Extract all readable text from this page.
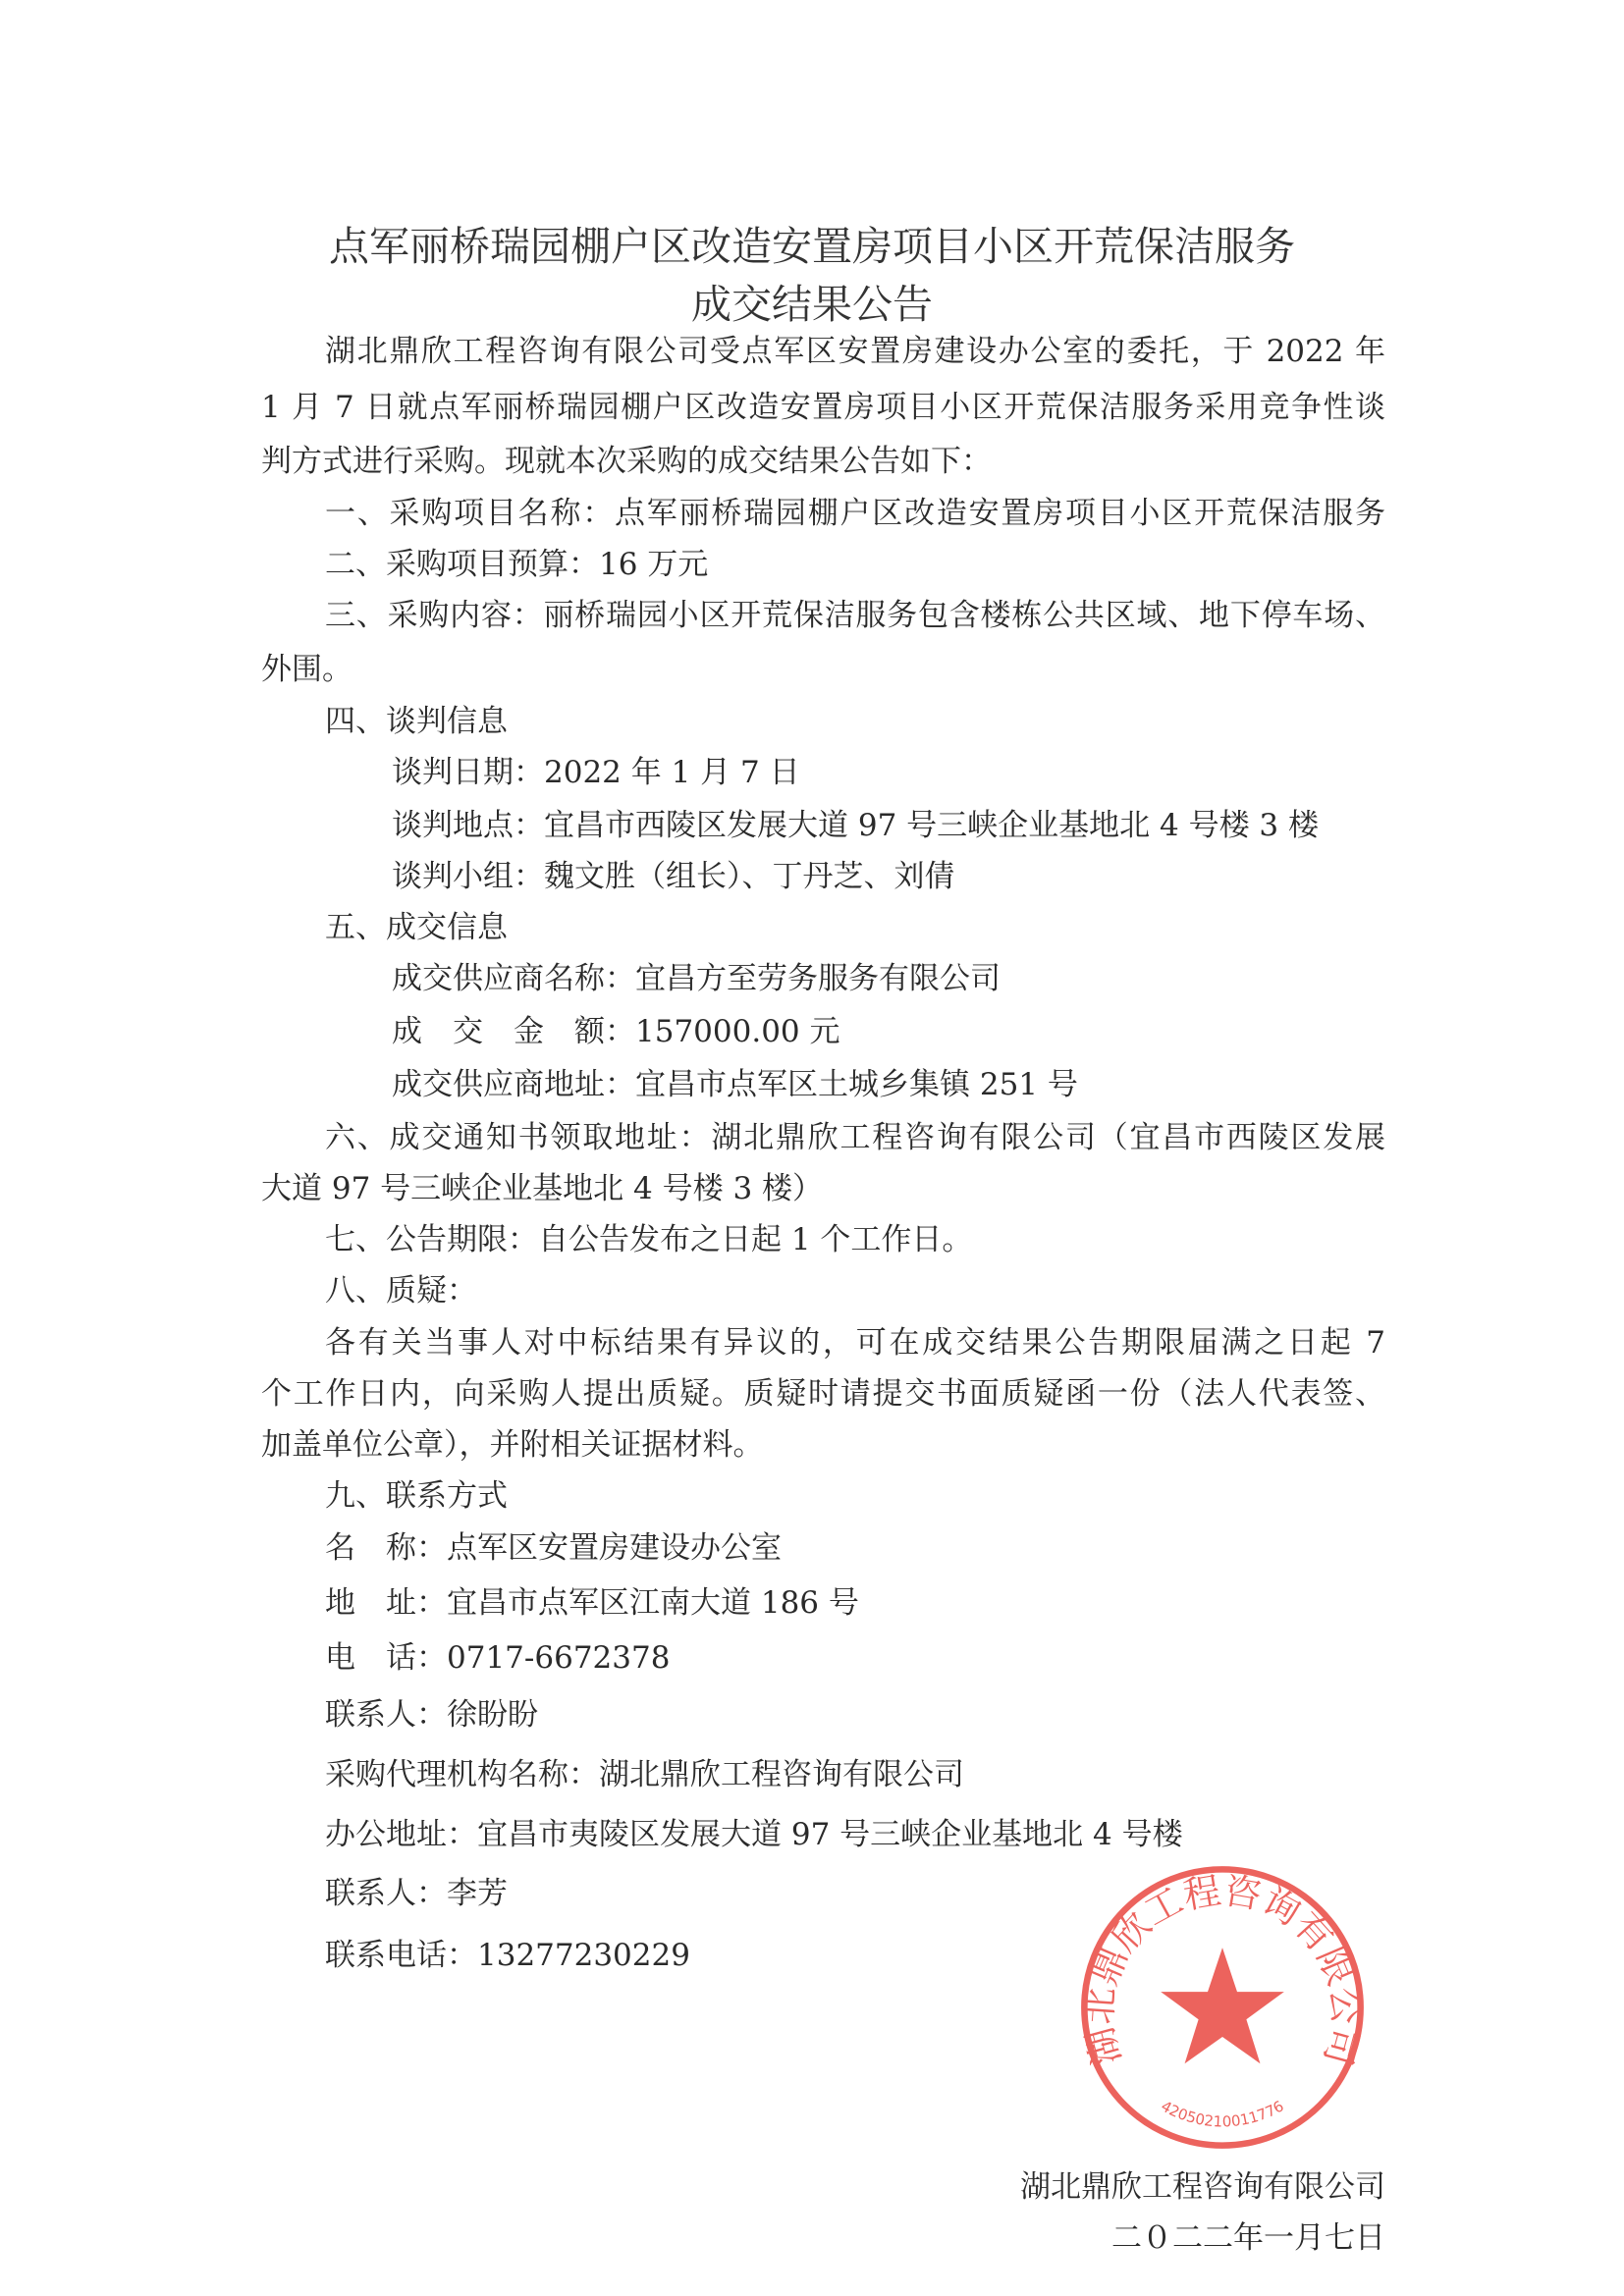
点军丽桥瑞园棚户区改造安置房项目小区开荒保洁服务
成交结果公告
湖北鼎欣工程咨询有限公司受点军区安置房建设办公室的委托，于 2022 年
1 月 7 日就点军丽桥瑞园棚户区改造安置房项目小区开荒保洁服务采用竞争性谈
判方式进行采购。现就本次采购的成交结果公告如下：
一、采购项目名称：点军丽桥瑞园棚户区改造安置房项目小区开荒保洁服务
二、采购项目预算：16 万元
三、采购内容：丽桥瑞园小区开荒保洁服务包含楼栋公共区域、地下停车场、
外围。
四、谈判信息
谈判日期：2022 年 1 月 7 日
谈判地点：宜昌市西陵区发展大道 97 号三峡企业基地北 4 号楼 3 楼
谈判小组：魏文胜（组长）、丁丹芝、刘倩
五、成交信息
成交供应商名称：宜昌方至劳务服务有限公司
成　交　金　额：157000.00 元
成交供应商地址：宜昌市点军区土城乡集镇 251 号
六、成交通知书领取地址：湖北鼎欣工程咨询有限公司（宜昌市西陵区发展
大道 97 号三峡企业基地北 4 号楼 3 楼）
七、公告期限：自公告发布之日起 1 个工作日。
八、质疑：
各有关当事人对中标结果有异议的，可在成交结果公告期限届满之日起 7
个工作日内，向采购人提出质疑。质疑时请提交书面质疑函一份（法人代表签、
加盖单位公章），并附相关证据材料。
九、联系方式
名　称：点军区安置房建设办公室
地　址：宜昌市点军区江南大道 186 号
电　话：0717-6672378
联系人：徐盼盼
采购代理机构名称：湖北鼎欣工程咨询有限公司
办公地址：宜昌市夷陵区发展大道 97 号三峡企业基地北 4 号楼
联系人：李芳
联系电话：13277230229
湖北鼎欣工程咨询有限公司
42050210011776
湖北鼎欣工程咨询有限公司
二０二二年一月七日
